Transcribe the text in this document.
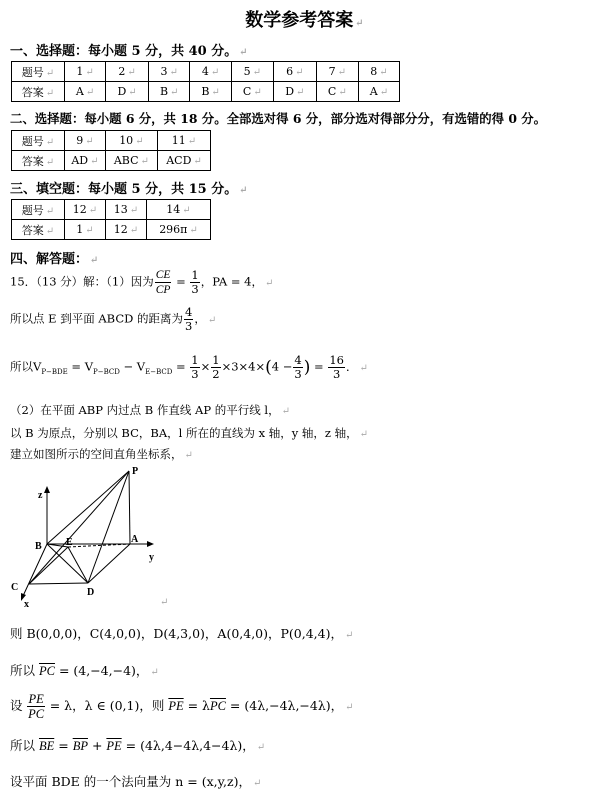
数学参考答案 ↵
一、选择题：每小题 5 分，共 40 分。 ↵
题号 ↵	1 ↵	2 ↵	3 ↵	4 ↵	5 ↵	6 ↵	7 ↵	8 ↵
答案 ↵	A ↵	D ↵	B ↵	B ↵	C ↵	D ↵	C ↵	A ↵
二、选择题：每小题 6 分，共 18 分。全部选对得 6 分，部分选对得部分分，有选错的得 0 分。
题号 ↵	9 ↵	10 ↵	11 ↵
答案 ↵	AD ↵	ABC ↵	ACD ↵
三、填空题：每小题 5 分，共 15 分。 ↵
题号 ↵	12 ↵	13 ↵	14 ↵
答案 ↵	1 ↵	12 ↵	296π ↵
四、解答题： ↵
15．（13 分）解：（1）因为 $\frac{CE}{CP} = \frac{1}{3}$ ，PA = 4， ↵
所以点 E 到平面 ABCD 的距离为 $\frac{4}{3}$ ， ↵
所以$V_{P-BDE} = V_{P-BCD} - V_{E-BCD} = \frac{1}{3} \times \frac{1}{2} \times 3\times 4\times(4 - \frac{4}{3}$ ) = $\frac{16}{3}$ ． ↵
（2）在平面 ABP 内过点 B 作直线 AP 的平行线 l， ↵
以 B 为原点，分别以 BC，BA，l 所在的直线为 x 轴，y 轴，z 轴， ↵
建立如图所示的空间直角坐标系， ↵
P
z
B E	A
y
C
x
D
↵
则 B(0,0,0)，C(4,0,0)，D(4,3,0)，A(0,4,0)，P(0,4,4)， ↵
所以 $\overline{PC} = (4,-4,-4)$， ↵
设 $\frac{PE}{PC} = \lambda$，λ ∈ (0,1)，则 $\overline{PE} = \lambda\overline{PC} = (4\lambda,-4\lambda,-4\lambda)$， ↵
所以 $\overline{BE} = \overline{BP} + \overline{PE} = (4\lambda,4-4\lambda,4-4\lambda)$， ↵
设平面 BDE 的一个法向量为 n = (x,y,z)， ↵
